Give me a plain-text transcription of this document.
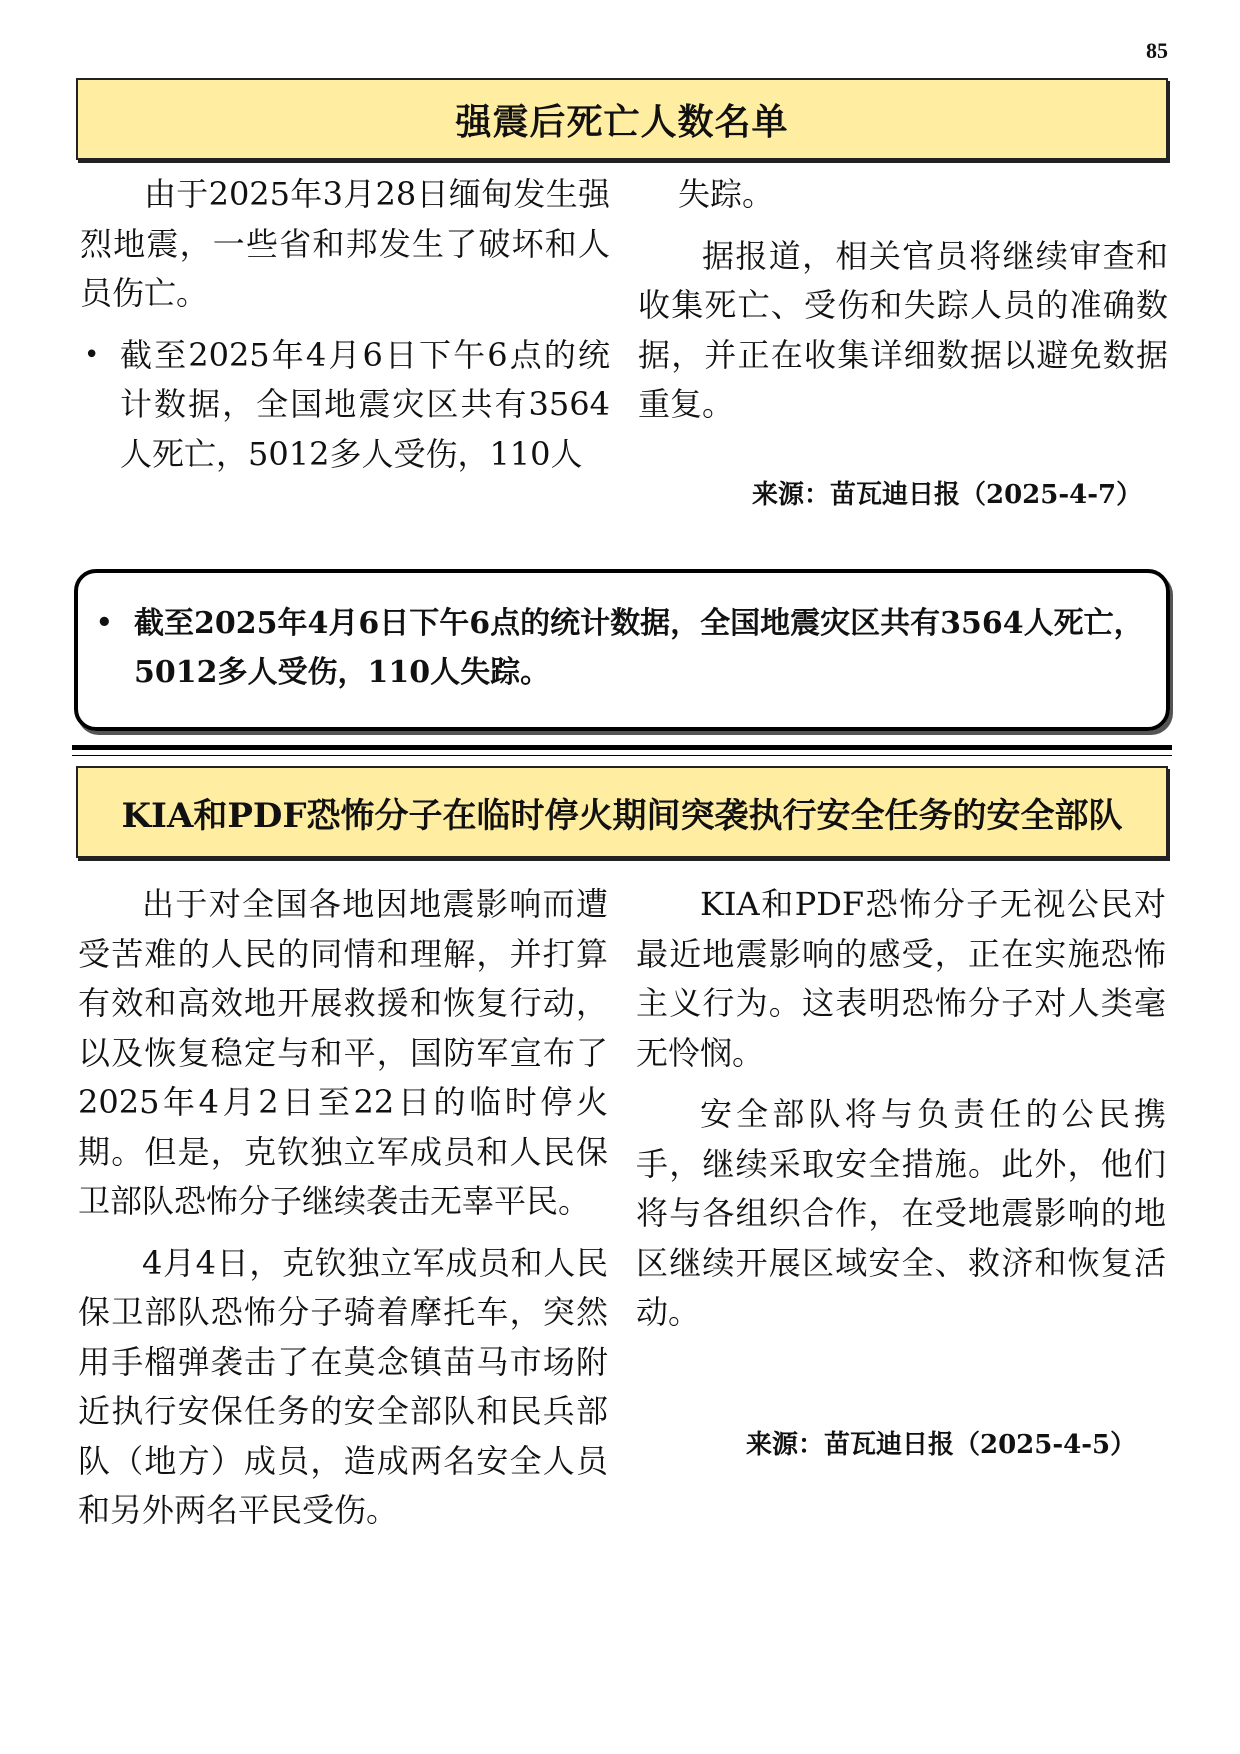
85
强震后死亡人数名单

由于2025年3月28日缅甸发生强烈地震，一些省和邦发生了破坏和人员伤亡。

• 截至2025年4月6日下午6点的统计数据，全国地震灾区共有3564人死亡，5012多人受伤，110人

失踪。

据报道，相关官员将继续审查和收集死亡、受伤和失踪人员的准确数据，并正在收集详细数据以避免数据重复。

来源：苗瓦迪日报（2025-4-7）
• 截至2025年4月6日下午6点的统计数据，全国地震灾区共有3564人死亡，5012多人受伤，110人失踪。
KIA和PDF恐怖分子在临时停火期间突袭执行安全任务的安全部队

出于对全国各地因地震影响而遭受苦难的人民的同情和理解，并打算有效和高效地开展救援和恢复行动，以及恢复稳定与和平，国防军宣布了2025年4月2日至22日的临时停火期。但是，克钦独立军成员和人民保卫部队恐怖分子继续袭击无辜平民。

4月4日，克钦独立军成员和人民保卫部队恐怖分子骑着摩托车，突然用手榴弹袭击了在莫念镇苗马市场附近执行安保任务的安全部队和民兵部队（地方）成员，造成两名安全人员和另外两名平民受伤。

KIA和PDF恐怖分子无视公民对最近地震影响的感受，正在实施恐怖主义行为。这表明恐怖分子对人类毫无怜悯。

安全部队将与负责任的公民携手，继续采取安全措施。此外，他们将与各组织合作，在受地震影响的地区继续开展区域安全、救济和恢复活动。

来源：苗瓦迪日报（2025-4-5）
